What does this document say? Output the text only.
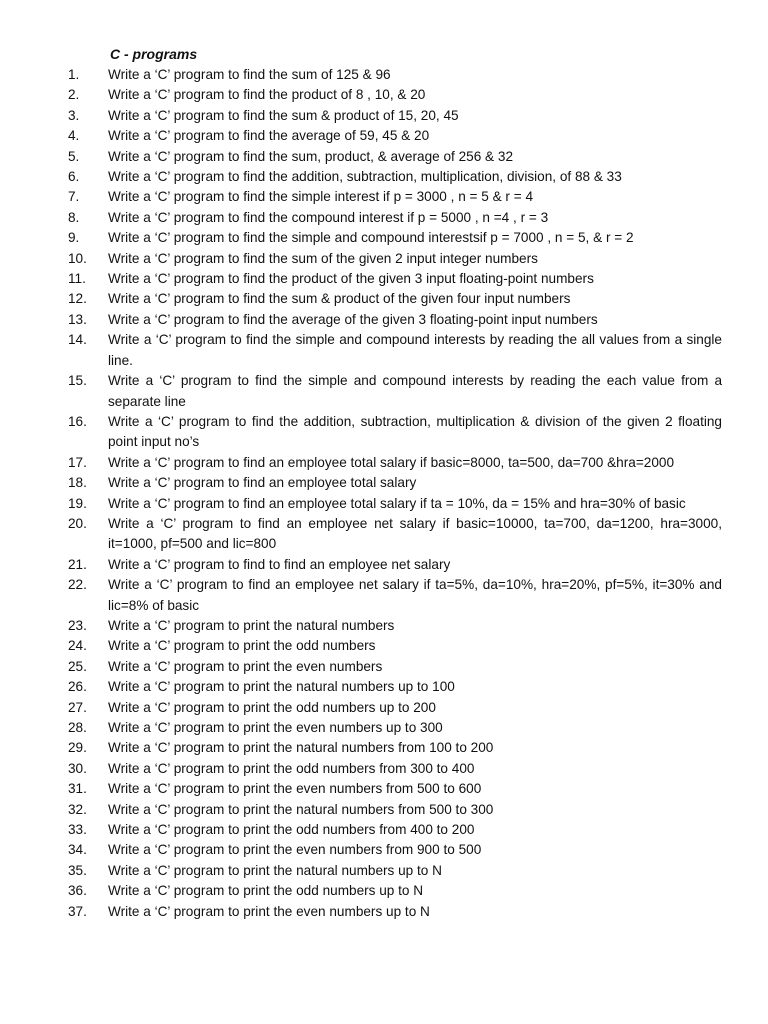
C - programs
1.	Write a ‘C’ program to find the sum of 125 & 96
2.	Write a ‘C’ program to find the product of 8 , 10, & 20
3.	Write a ‘C’ program to find the sum & product of 15, 20, 45
4.	Write a ‘C’ program to find the average of 59, 45 & 20
5.	Write a ‘C’ program to find the sum, product, & average of 256 & 32
6.	Write a ‘C’ program to find the addition, subtraction, multiplication, division, of 88 & 33
7.	Write a ‘C’ program to find the simple interest if p = 3000 , n = 5 & r = 4
8.	Write a ‘C’ program to find the compound interest if p = 5000 , n =4 , r = 3
9.	Write a ‘C’ program to find the simple and compound interestsif p = 7000 , n = 5, & r = 2
10.	Write a ‘C’ program to find the sum of the given 2 input integer numbers
11.	Write a ‘C’ program to find the product of the given 3 input floating-point numbers
12.	Write a ‘C’ program to find the sum & product of the given four input numbers
13.	Write a ‘C’ program to find the average of the given 3 floating-point input numbers
14.	Write a ‘C’ program to find the simple and compound interests by reading the all values from a single line.
15.	Write a ‘C’ program to find the simple and compound interests by reading the each value from a separate line
16.	Write a ‘C’ program to find the addition, subtraction, multiplication & division of the given 2 floating point input no’s
17.	Write a ‘C’ program to find an employee total salary if basic=8000, ta=500, da=700 &hra=2000
18.	Write a ‘C’ program to find an employee total salary
19.	Write a ‘C’ program to find an employee total salary if ta = 10%, da = 15% and hra=30% of basic
20.	Write a ‘C’ program to find an employee net salary if basic=10000, ta=700, da=1200, hra=3000, it=1000, pf=500 and lic=800
21.	Write a ‘C’ program to find to find an employee net salary
22.	Write a ‘C’ program to find an employee net salary if ta=5%, da=10%, hra=20%, pf=5%, it=30% and lic=8% of basic
23.	Write a ‘C’ program to print the natural numbers
24.	Write a ‘C’ program to print the odd numbers
25.	Write a ‘C’ program to print the even numbers
26.	Write a ‘C’ program to print the natural numbers up to 100
27.	Write a ‘C’ program to print the odd numbers up to 200
28.	Write a ‘C’ program to print the even numbers up to 300
29.	Write a ‘C’ program to print the natural numbers from 100 to 200
30.	Write a ‘C’ program to print the odd numbers from 300 to 400
31.	Write a ‘C’ program to print the even numbers from 500 to 600
32.	Write a ‘C’ program to print the natural numbers from 500 to 300
33.	Write a ‘C’ program to print the odd numbers from 400 to 200
34.	Write a ‘C’ program to print the even numbers from 900 to 500
35.	Write a ‘C’ program to print the natural numbers up to N
36.	Write a ‘C’ program to print the odd numbers up to N
37.	Write a ‘C’ program to print the even numbers up to N
